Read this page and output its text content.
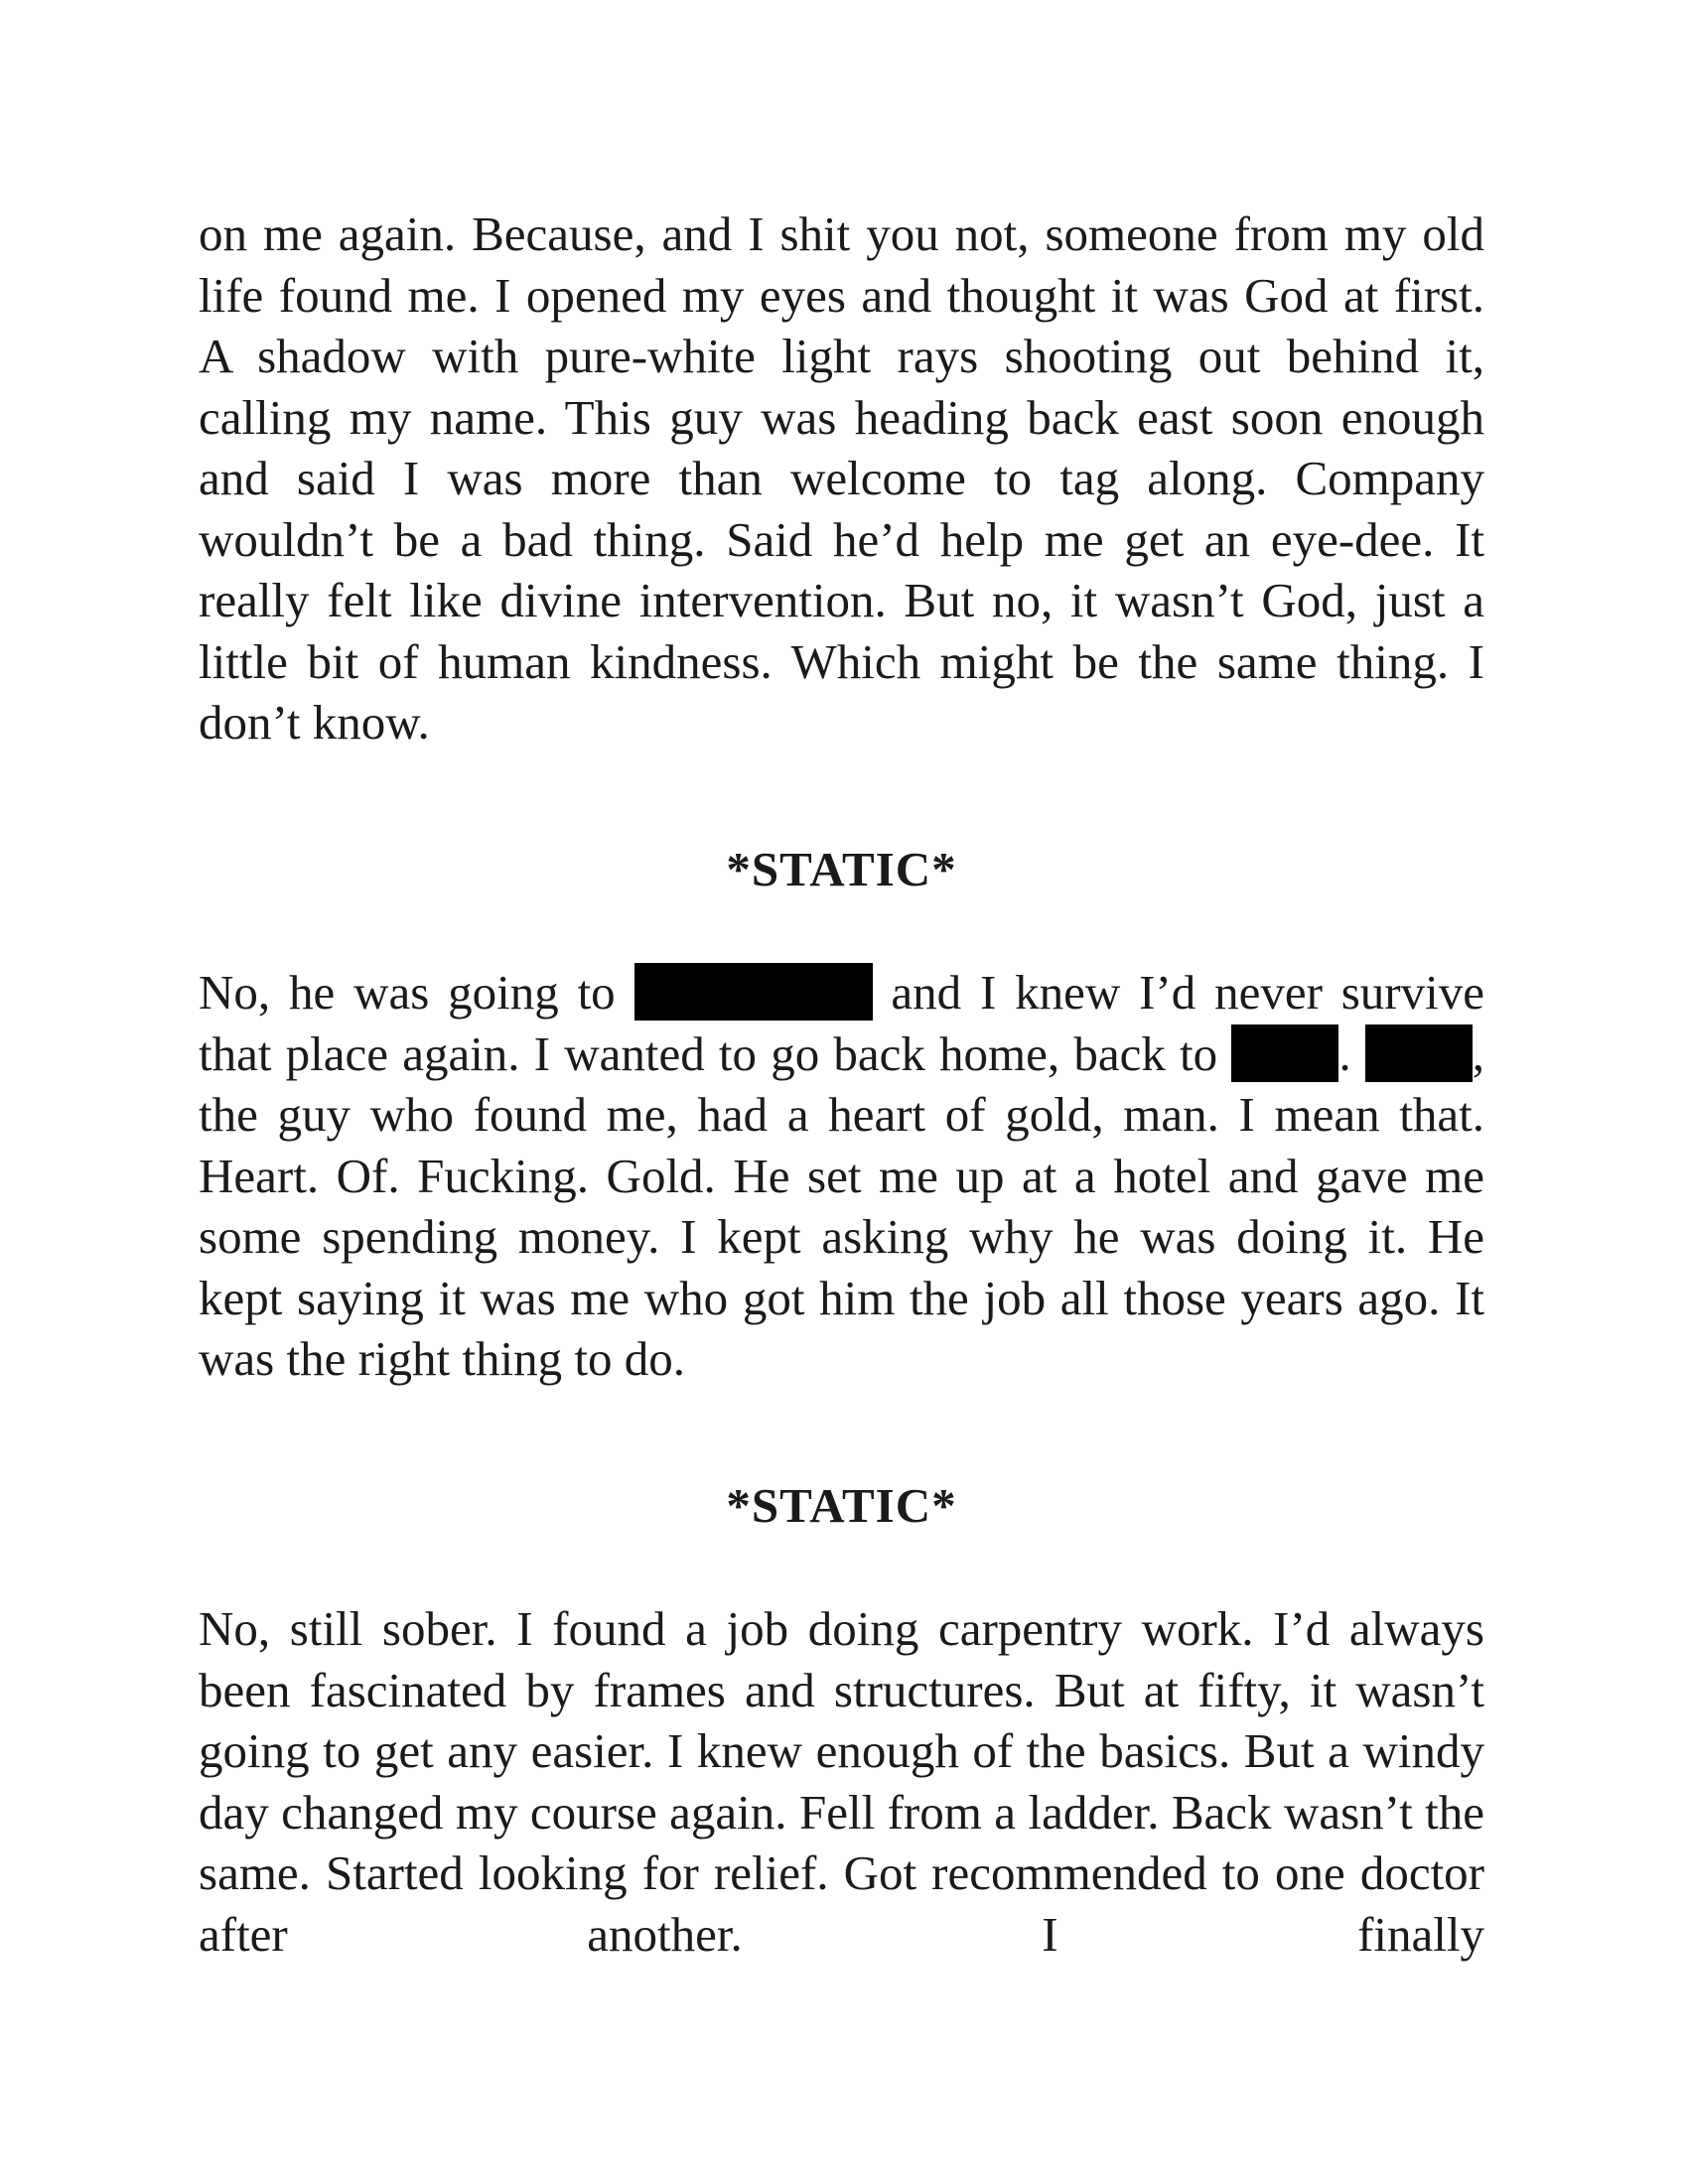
on me again. Because, and I shit you not, someone from my old life found me. I opened my eyes and thought it was God at first. A shadow with pure-white light rays shooting out behind it, calling my name. This guy was heading back east soon enough and said I was more than welcome to tag along. Company wouldn’t be a bad thing. Said he’d help me get an eye-dee. It really felt like divine intervention. But no, it wasn’t God, just a little bit of human kindness. Which might be the same thing. I don’t know.

*STATIC*

No, he was going to	and I knew I’d never survive that place again. I wanted to go back home, back to . , the guy who found me, had a heart of gold, man. I mean that. Heart. Of. Fucking. Gold. He set me up at a hotel and gave me some spending money. I kept asking why he was doing it. He kept saying it was me who got him the job all those years ago. It was the right thing to do.

*STATIC*

No, still sober. I found a job doing carpentry work. I’d always been fascinated by frames and structures. But at fifty, it wasn’t going to get any easier. I knew enough of the basics. But a windy day changed my course again. Fell from a ladder. Back wasn’t the same. Started looking for relief. Got recommended to one doctor after another. I finally
